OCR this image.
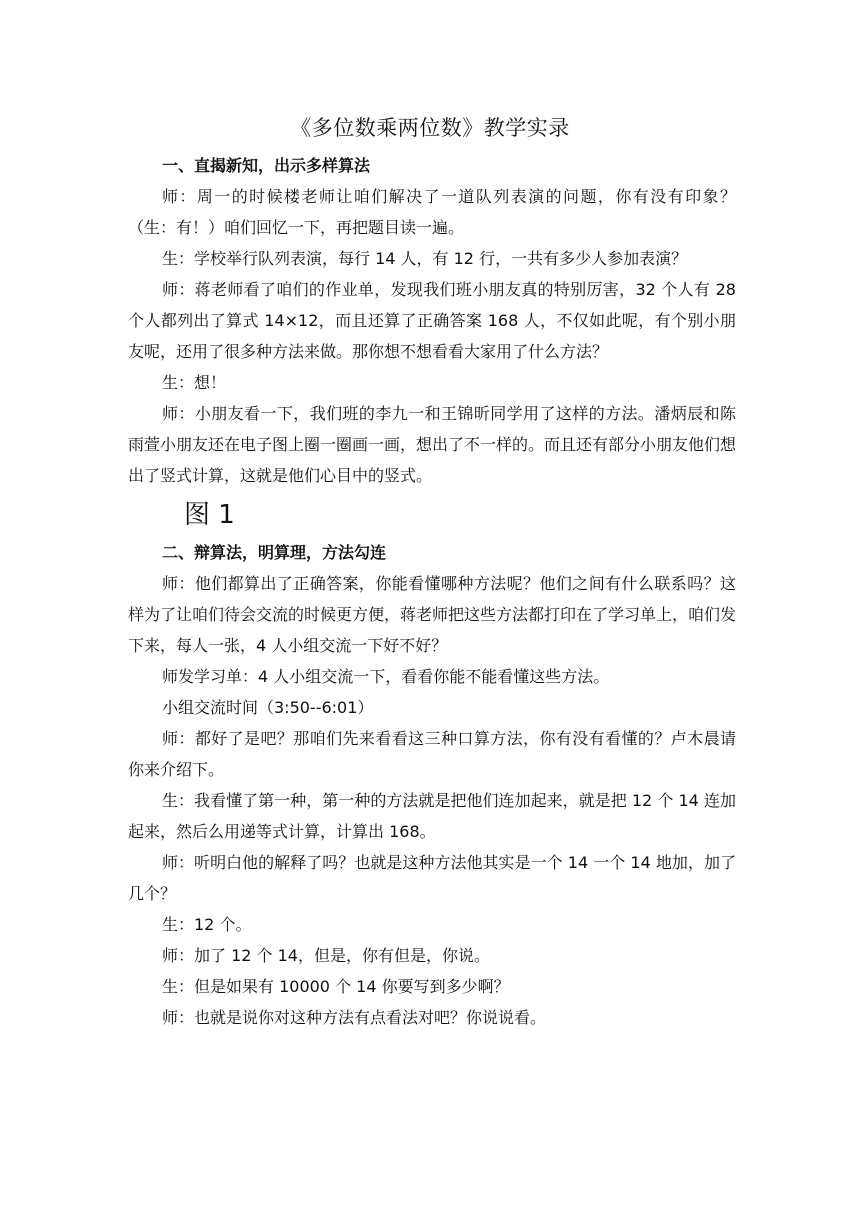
《多位数乘两位数》教学实录

一、直揭新知，出示多样算法

师：周一的时候楼老师让咱们解决了一道队列表演的问题，你有没有印象？（生：有！）咱们回忆一下，再把题目读一遍。

生：学校举行队列表演，每行 14 人，有 12 行，一共有多少人参加表演？

师：蒋老师看了咱们的作业单，发现我们班小朋友真的特别厉害，32 个人有 28 个人都列出了算式 14×12，而且还算了正确答案 168 人，不仅如此呢，有个别小朋友呢，还用了很多种方法来做。那你想不想看看大家用了什么方法？

生：想！

师：小朋友看一下，我们班的李九一和王锦昕同学用了这样的方法。潘炳辰和陈雨萱小朋友还在电子图上圈一圈画一画，想出了不一样的。而且还有部分小朋友他们想出了竖式计算，这就是他们心目中的竖式。

图 1

二、辩算法，明算理，方法勾连

师：他们都算出了正确答案，你能看懂哪种方法呢？他们之间有什么联系吗？这样为了让咱们待会交流的时候更方便，蒋老师把这些方法都打印在了学习单上，咱们发下来，每人一张，4 人小组交流一下好不好？

师发学习单：4 人小组交流一下，看看你能不能看懂这些方法。

小组交流时间（3:50--6:01）

师：都好了是吧？那咱们先来看看这三种口算方法，你有没有看懂的？卢木晨请你来介绍下。

生：我看懂了第一种，第一种的方法就是把他们连加起来，就是把 12 个 14 连加起来，然后么用递等式计算，计算出 168。

师：听明白他的解释了吗？也就是这种方法他其实是一个 14 一个 14 地加，加了几个？

生：12 个。

师：加了 12 个 14，但是，你有但是，你说。

生：但是如果有 10000 个 14 你要写到多少啊？

师：也就是说你对这种方法有点看法对吧？你说说看。
